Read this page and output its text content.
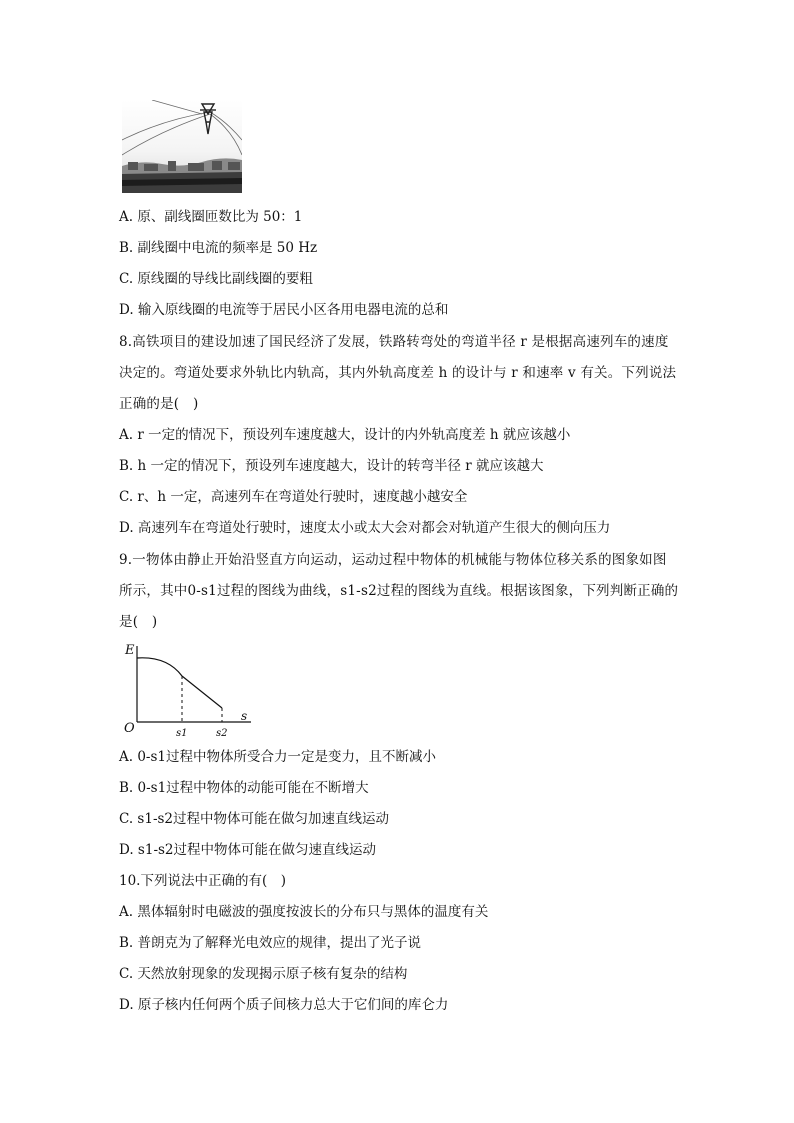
A. 原、副线圈匝数比为 50：1
B. 副线圈中电流的频率是 50 Hz
C. 原线圈的导线比副线圈的要粗
D. 输入原线圈的电流等于居民小区各用电器电流的总和
8.高铁项目的建设加速了国民经济了发展，铁路转弯处的弯道半径 r 是根据高速列车的速度决定的。弯道处要求外轨比内轨高，其内外轨高度差 h 的设计与 r 和速率 v 有关。下列说法正确的是(　)
A. r 一定的情况下，预设列车速度越大，设计的内外轨高度差 h 就应该越小
B. h 一定的情况下，预设列车速度越大，设计的转弯半径 r 就应该越大
C. r、h 一定，高速列车在弯道处行驶时，速度越小越安全
D. 高速列车在弯道处行驶时，速度太小或太大会对都会对轨道产生很大的侧向压力
9.一物体由静止开始沿竖直方向运动，运动过程中物体的机械能与物体位移关系的图象如图所示，其中0-s1过程的图线为曲线，s1-s2过程的图线为直线。根据该图象，下列判断正确的是(　)
E
O
s
s1	s2
A. 0-s1过程中物体所受合力一定是变力，且不断减小
B. 0-s1过程中物体的动能可能在不断增大
C. s1-s2过程中物体可能在做匀加速直线运动
D. s1-s2过程中物体可能在做匀速直线运动
10.下列说法中正确的有(　)
A. 黑体辐射时电磁波的强度按波长的分布只与黑体的温度有关
B. 普朗克为了解释光电效应的规律，提出了光子说
C. 天然放射现象的发现揭示原子核有复杂的结构
D. 原子核内任何两个质子间核力总大于它们间的库仑力
